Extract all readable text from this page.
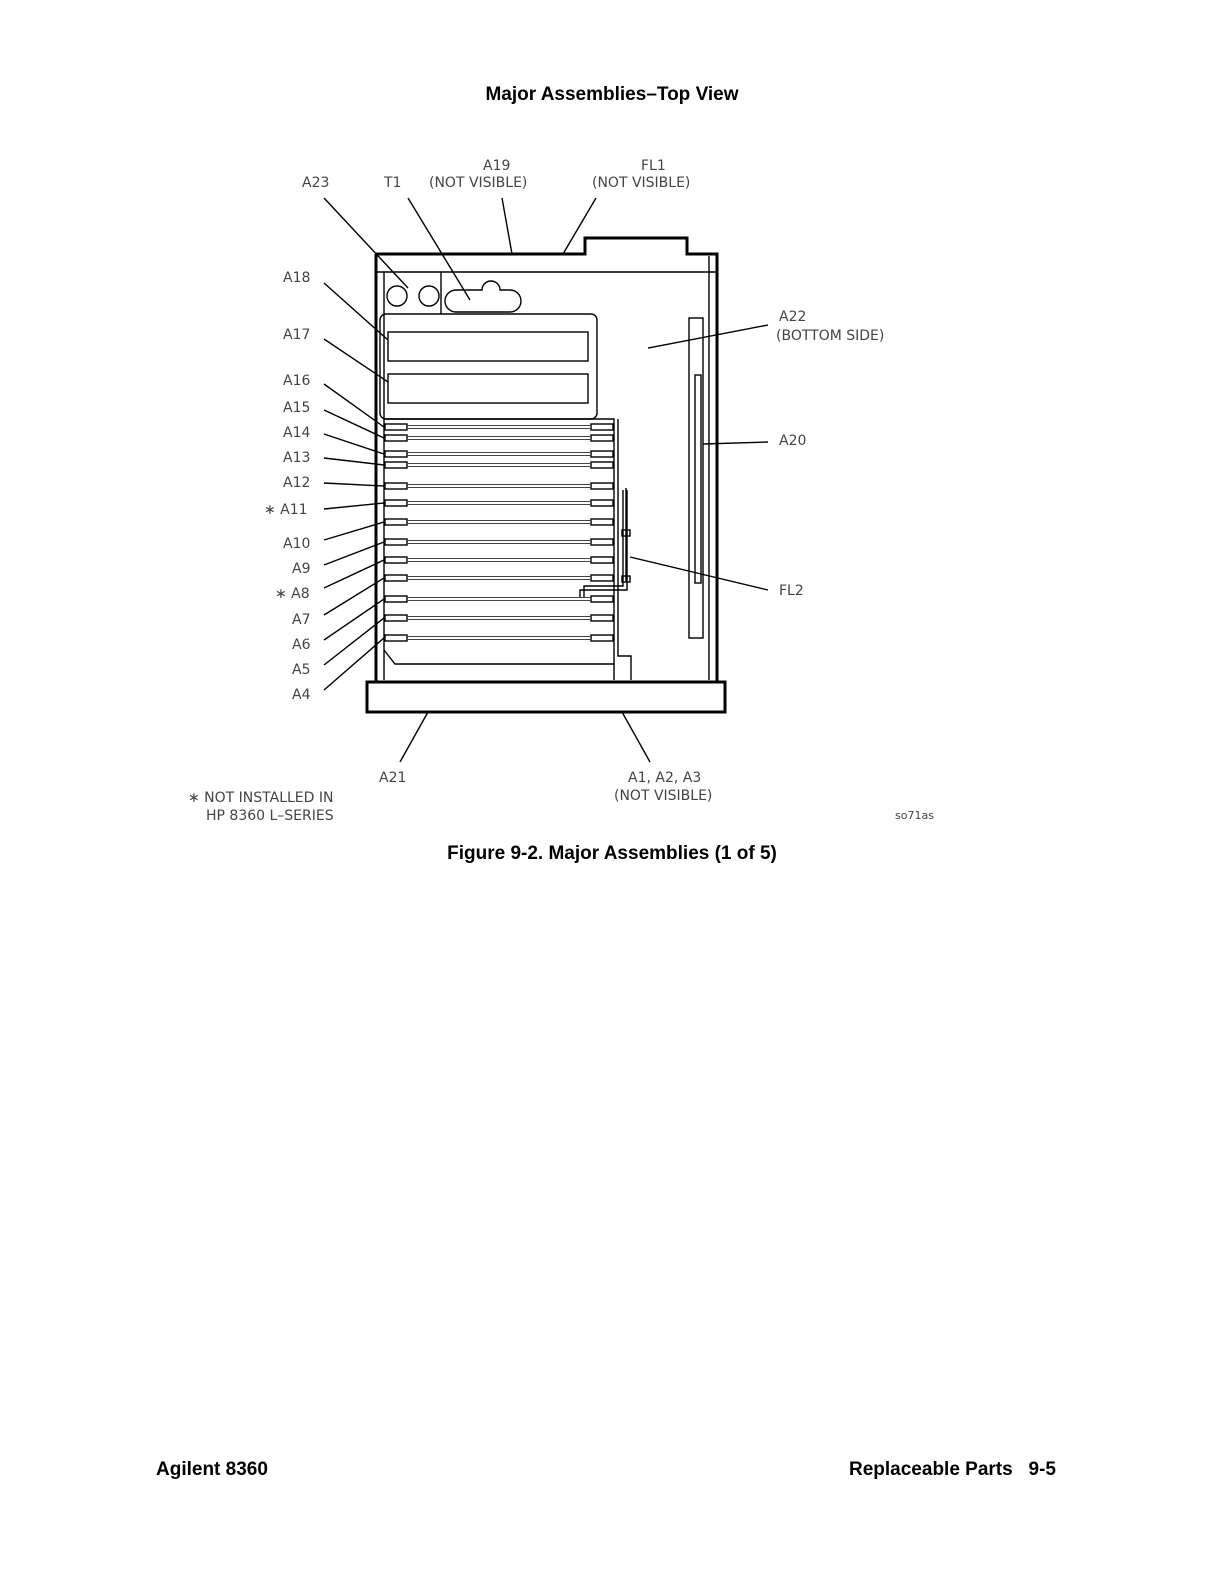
Major Assemblies–Top View
A23	T1
A19
(NOT VISIBLE)
FL1
(NOT VISIBLE)
A18
A17
A16
A15
A14
A13
A12
∗ A11
A10
A9
∗ A8
A7
A6
A5
A4
A22
(BOTTOM SIDE)
A20
FL2
A21	A1, A2, A3
(NOT VISIBLE)
∗ NOT INSTALLED IN
HP 8360 L–SERIES	so71as
Figure 9-2. Major Assemblies (1 of 5)
Agilent 8360	Replaceable Parts   9-5
